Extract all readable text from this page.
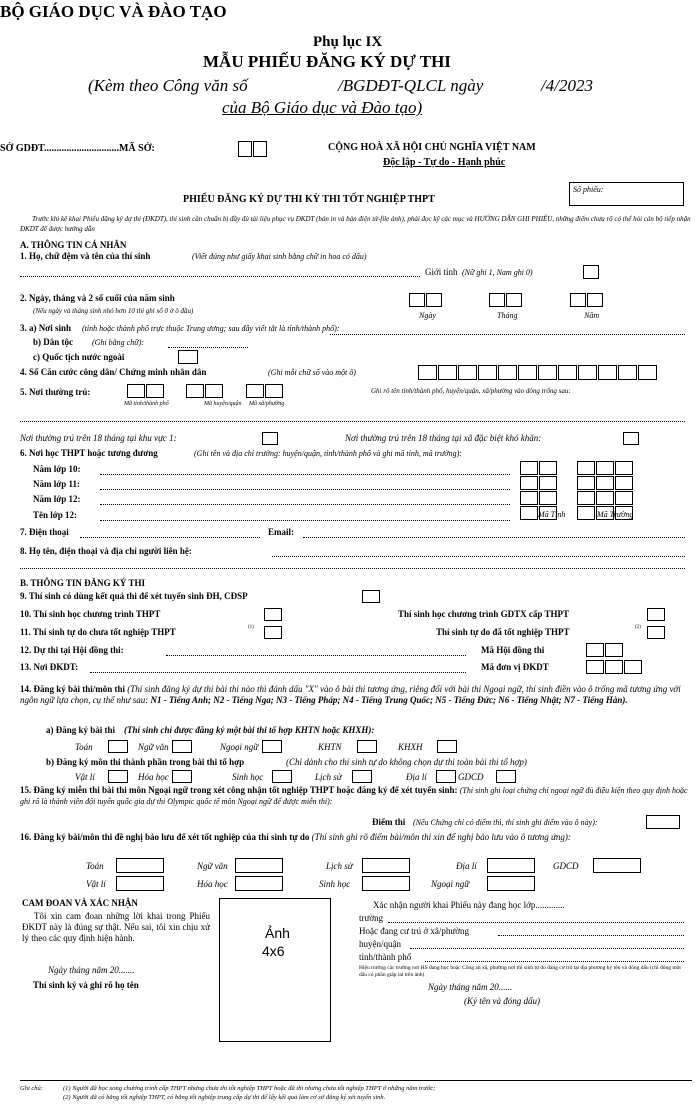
BỘ GIÁO DỤC VÀ ĐÀO TẠO
Phụ lục IX
MẪU PHIẾU ĐĂNG KÝ DỰ THI
(Kèm theo Công văn số	/BGDĐT-QLCL ngày	/4/2023
của Bộ Giáo dục và Đào tạo)
SỞ GDĐT..............................MÃ SỞ:	CỘNG HOÀ XÃ HỘI CHỦ NGHĨA VIỆT NAM
Độc lập - Tự do - Hạnh phúc
PHIẾU ĐĂNG KÝ DỰ THI KỲ THI TỐT NGHIỆP THPT
Số phiếu:
Trước khi kê khai Phiếu đăng ký dự thi (ĐKDT), thí sinh cần chuẩn bị đầy đủ tài liệu phục vụ ĐKDT (bản in và bản điện tử-file ảnh), phải đọc kỹ các mục và HƯỚNG DẪN GHI PHIẾU, những điểm chưa rõ có thể hỏi cán bộ tiếp nhận ĐKDT để được hướng dẫn
A. THÔNG TIN CÁ NHÂN
1. Họ, chữ đệm và tên của thí sinh	(Viết đúng như giấy khai sinh bằng chữ in hoa có dấu)
Giới tính (Nữ ghi 1, Nam ghi 0)
2. Ngày, tháng và 2 số cuối của năm sinh
(Nếu ngày và tháng sinh nhỏ hơn 10 thì ghi số 0 ở ô đầu)	Ngày	Tháng	Năm
3. a) Nơi sinh (tỉnh hoặc thành phố trực thuộc Trung ương; sau đây viết tắt là tỉnh/thành phố):
b) Dân tộc (Ghi bằng chữ):
c) Quốc tịch nước ngoài
4. Số Căn cước công dân/ Chứng minh nhân dân	(Ghi mỗi chữ số vào một ô)
5. Nơi thường trú:
Mã tỉnh/thành phố	Mã huyện/quận Mã xã/phường
Ghi rõ tên tỉnh/thành phố, huyện/quận, xã/phường vào dòng trống sau:
Nơi thường trú trên 18 tháng tại khu vực 1:	Nơi thường trú trên 18 tháng tại xã đặc biệt khó khăn:
6. Nơi học THPT hoặc tương đương	(Ghi tên và địa chỉ trường: huyện/quận, tỉnh/thành phố và ghi mã tỉnh, mã trường):
Năm lớp 10:
Năm lớp 11:
Năm lớp 12:
Tên lớp 12:	Mã Tỉnh	Mã Trường
7. Điện thoại	Email:
8. Họ tên, điện thoại và địa chỉ người liên hệ:
B. THÔNG TIN ĐĂNG KÝ THI
9. Thí sinh có dùng kết quả thi để xét tuyển sinh ĐH, CĐSP
10. Thí sinh học chương trình THPT	Thí sinh học chương trình GDTX cấp THPT
11. Thí sinh tự do chưa tốt nghiệp THPT	(1)	Thí sinh tự do đã tốt nghiệp THPT	(2)
12. Dự thi tại Hội đồng thi:	Mã Hội đồng thi
13. Nơi ĐKDT:	Mã đơn vị ĐKDT
14. Đăng ký bài thi/môn thi (Thí sinh đăng ký dự thi bài thi nào thì đánh dấu "X" vào ô bài thi tương ứng, riêng đối với bài thi Ngoại ngữ, thí sinh điền vào ô trống mã tương ứng với ngôn ngữ lựa chọn, cụ thể như sau: N1 - Tiếng Anh; N2 - Tiếng Nga; N3 - Tiếng Pháp; N4 - Tiếng Trung Quốc; N5 - Tiếng Đức; N6 - Tiếng Nhật; N7 - Tiếng Hàn).
a) Đăng ký bài thi (Thí sinh chỉ được đăng ký một bài thi tổ hợp KHTN hoặc KHXH):
Toán	Ngữ văn	Ngoại ngữ	KHTN	KHXH
b) Đăng ký môn thi thành phần trong bài thi tổ hợp	(Chỉ dành cho thí sinh tự do không chọn dự thi toàn bài thi tổ hợp)
Vật lí	Hóa học	Sinh học	Lịch sử	Địa lí	GDCD
15. Đăng ký miễn thi bài thi môn Ngoại ngữ trong xét công nhận tốt nghiệp THPT hoặc đăng ký để xét tuyển sinh: (Thí sinh ghi loại chứng chỉ ngoại ngữ đủ điều kiện theo quy định hoặc ghi rõ là thành viên đội tuyển quốc gia dự thi Olympic quốc tế môn Ngoại ngữ để được miễn thi):
Điểm thi (Nếu Chứng chỉ có điểm thì, thí sinh ghi điểm vào ô này):
16. Đăng ký bài/môn thi đề nghị bảo lưu để xét tốt nghiệp của thí sinh tự do (Thí sinh ghi rõ điểm bài/môn thi xin để nghị bảo lưu vào ô tương ứng):
Toán	Ngữ văn	Lịch sử	Địa lí	GDCD
Vật lí	Hóa học	Sinh học	Ngoại ngữ
CAM ĐOAN VÀ XÁC NHẬN
Tôi xin cam đoan những lời khai trong Phiếu ĐKDT này là đúng sự thật. Nếu sai, tôi xin chịu xử lý theo các quy định hiện hành.
Ngày tháng năm 20.......
Thí sinh ký và ghi rõ họ tên
Ảnh
4x6
Xác nhận người khai Phiếu này đang học lớp.............
trường
Hoặc đang cư trú ở xã/phường
huyện/quận
tỉnh/thành phố
Hiệu trưởng các trường nơi HS đang học hoặc Công an xã, phường nơi thí sinh tự do đang cư trú tại địa phương ký tên và đóng dấu (chỉ đóng một dấu có phần giáp lai trên ảnh)
Ngày tháng năm 20......
(Ký tên và đóng dấu)
Ghi chú:	(1) Người đã học xong chương trình cấp THPT nhưng chưa thi tốt nghiệp THPT hoặc đã thi nhưng chưa tốt nghiệp THPT ở những năm trước;
(2) Người đã có bằng tốt nghiệp THPT, có bằng tốt nghiệp trung cấp dự thi để lấy kết quả làm cơ sở đăng ký xét tuyển sinh.
